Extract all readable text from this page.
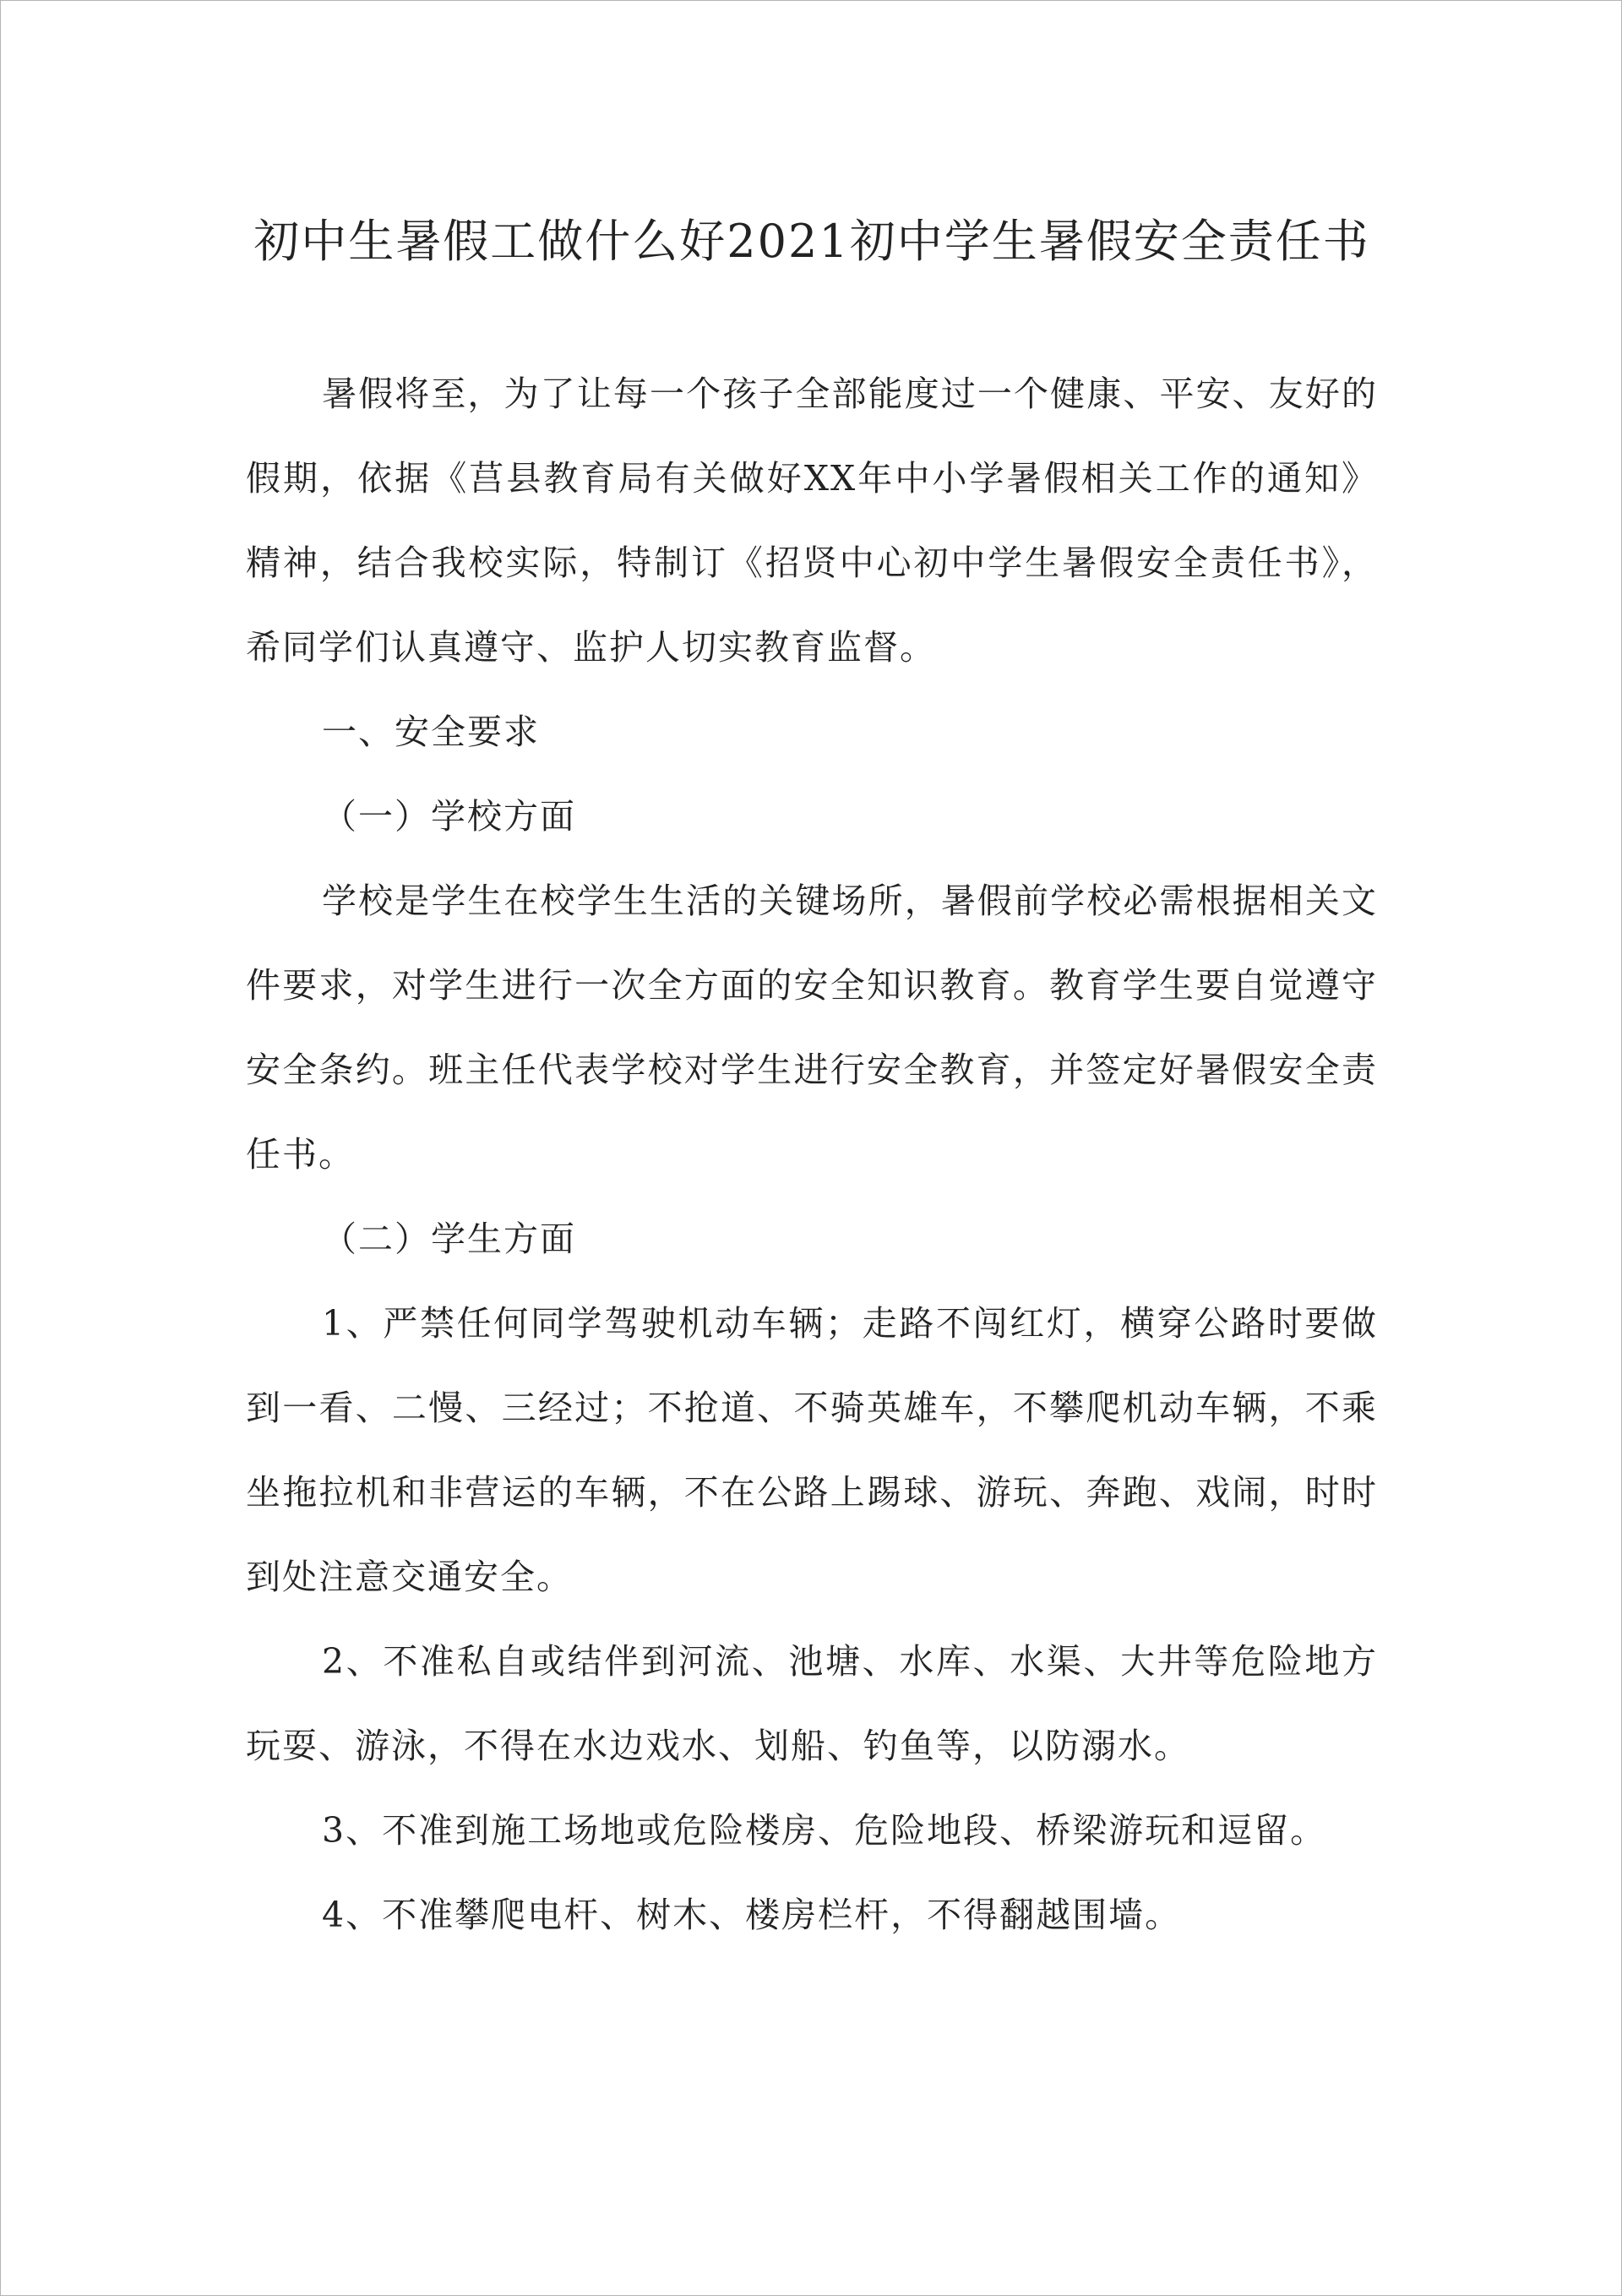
初中生暑假工做什么好2021初中学生暑假安全责任书

暑假将至，为了让每一个孩子全部能度过一个健康、平安、友好的假期，依据《莒县教育局有关做好XX年中小学暑假相关工作的通知》精神，结合我校实际，特制订《招贤中心初中学生暑假安全责任书》，希同学们认真遵守、监护人切实教育监督。

一、安全要求

（一）学校方面

学校是学生在校学生生活的关键场所，暑假前学校必需根据相关文件要求，对学生进行一次全方面的安全知识教育。教育学生要自觉遵守安全条约。班主任代表学校对学生进行安全教育，并签定好暑假安全责任书。

（二）学生方面

1、严禁任何同学驾驶机动车辆；走路不闯红灯，横穿公路时要做到一看、二慢、三经过；不抢道、不骑英雄车，不攀爬机动车辆，不乘坐拖拉机和非营运的车辆，不在公路上踢球、游玩、奔跑、戏闹，时时到处注意交通安全。

2、不准私自或结伴到河流、池塘、水库、水渠、大井等危险地方玩耍、游泳，不得在水边戏水、划船、钓鱼等，以防溺水。

3、不准到施工场地或危险楼房、危险地段、桥梁游玩和逗留。

4、不准攀爬电杆、树木、楼房栏杆，不得翻越围墙。
